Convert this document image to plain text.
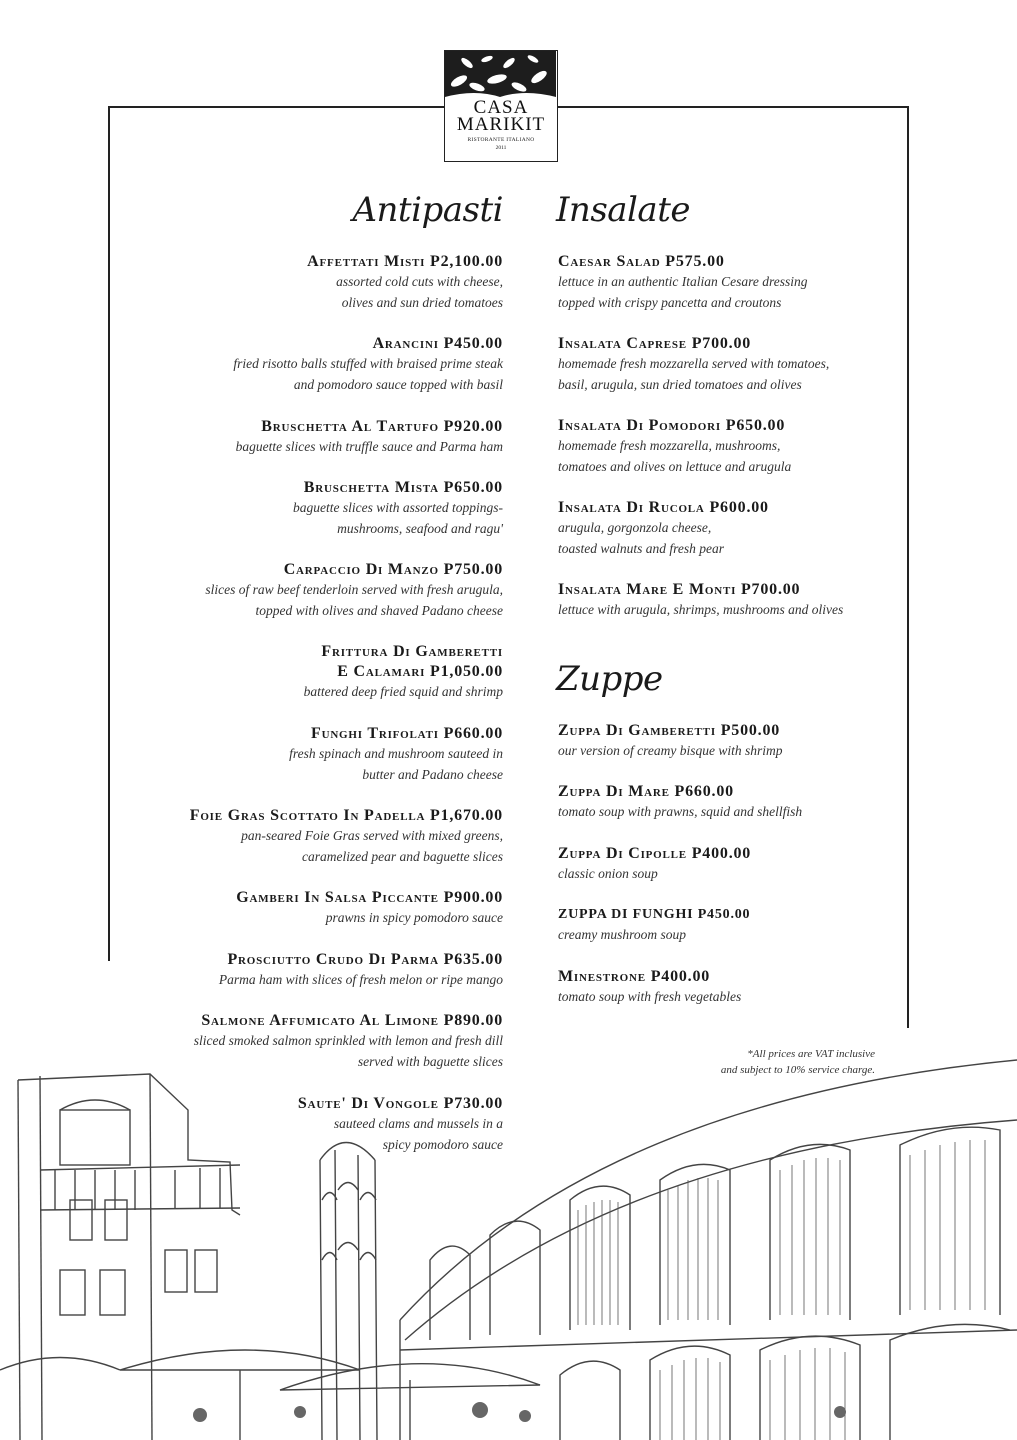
CASA
MARIKIT
RISTORANTE ITALIANO
2011
Antipasti Insalate
Zuppe
Affettati Misti P2,100.00
assorted cold cuts with cheese,
olives and sun dried tomatoes
Arancini P450.00
fried risotto balls stuffed with braised prime steak
and pomodoro sauce topped with basil
Bruschetta Al Tartufo P920.00
baguette slices with truffle sauce and Parma ham
Bruschetta Mista P650.00
baguette slices with assorted toppings-
mushrooms, seafood and ragu'
Carpaccio Di Manzo P750.00
slices of raw beef tenderloin served with fresh arugula,
topped with olives and shaved Padano cheese
Frittura Di Gamberetti
E Calamari P1,050.00
battered deep fried squid and shrimp
Funghi Trifolati P660.00
fresh spinach and mushroom sauteed in
butter and Padano cheese
Foie Gras Scottato In Padella P1,670.00
pan-seared Foie Gras served with mixed greens,
caramelized pear and baguette slices
Gamberi In Salsa Piccante P900.00
prawns in spicy pomodoro sauce
Prosciutto Crudo Di Parma P635.00
Parma ham with slices of fresh melon or ripe mango
Salmone Affumicato Al Limone P890.00
sliced smoked salmon sprinkled with lemon and fresh dill
served with baguette slices
Saute' Di Vongole P730.00
sauteed clams and mussels in a
spicy pomodoro sauce
Caesar Salad P575.00
lettuce in an authentic Italian Cesare dressing
topped with crispy pancetta and croutons
Insalata Caprese P700.00
homemade fresh mozzarella served with tomatoes,
basil, arugula, sun dried tomatoes and olives
Insalata Di Pomodori P650.00
homemade fresh mozzarella, mushrooms,
tomatoes and olives on lettuce and arugula
Insalata Di Rucola P600.00
arugula, gorgonzola cheese,
toasted walnuts and fresh pear
Insalata Mare E Monti P700.00
lettuce with arugula, shrimps, mushrooms and olives
Zuppa Di Gamberetti P500.00
our version of creamy bisque with shrimp
Zuppa Di Mare P660.00
tomato soup with prawns, squid and shellfish
Zuppa Di Cipolle P400.00
classic onion soup
ZUPPA DI FUNGHI P450.00
creamy mushroom soup
Minestrone P400.00
tomato soup with fresh vegetables
*All prices are VAT inclusive
and subject to 10% service charge.
